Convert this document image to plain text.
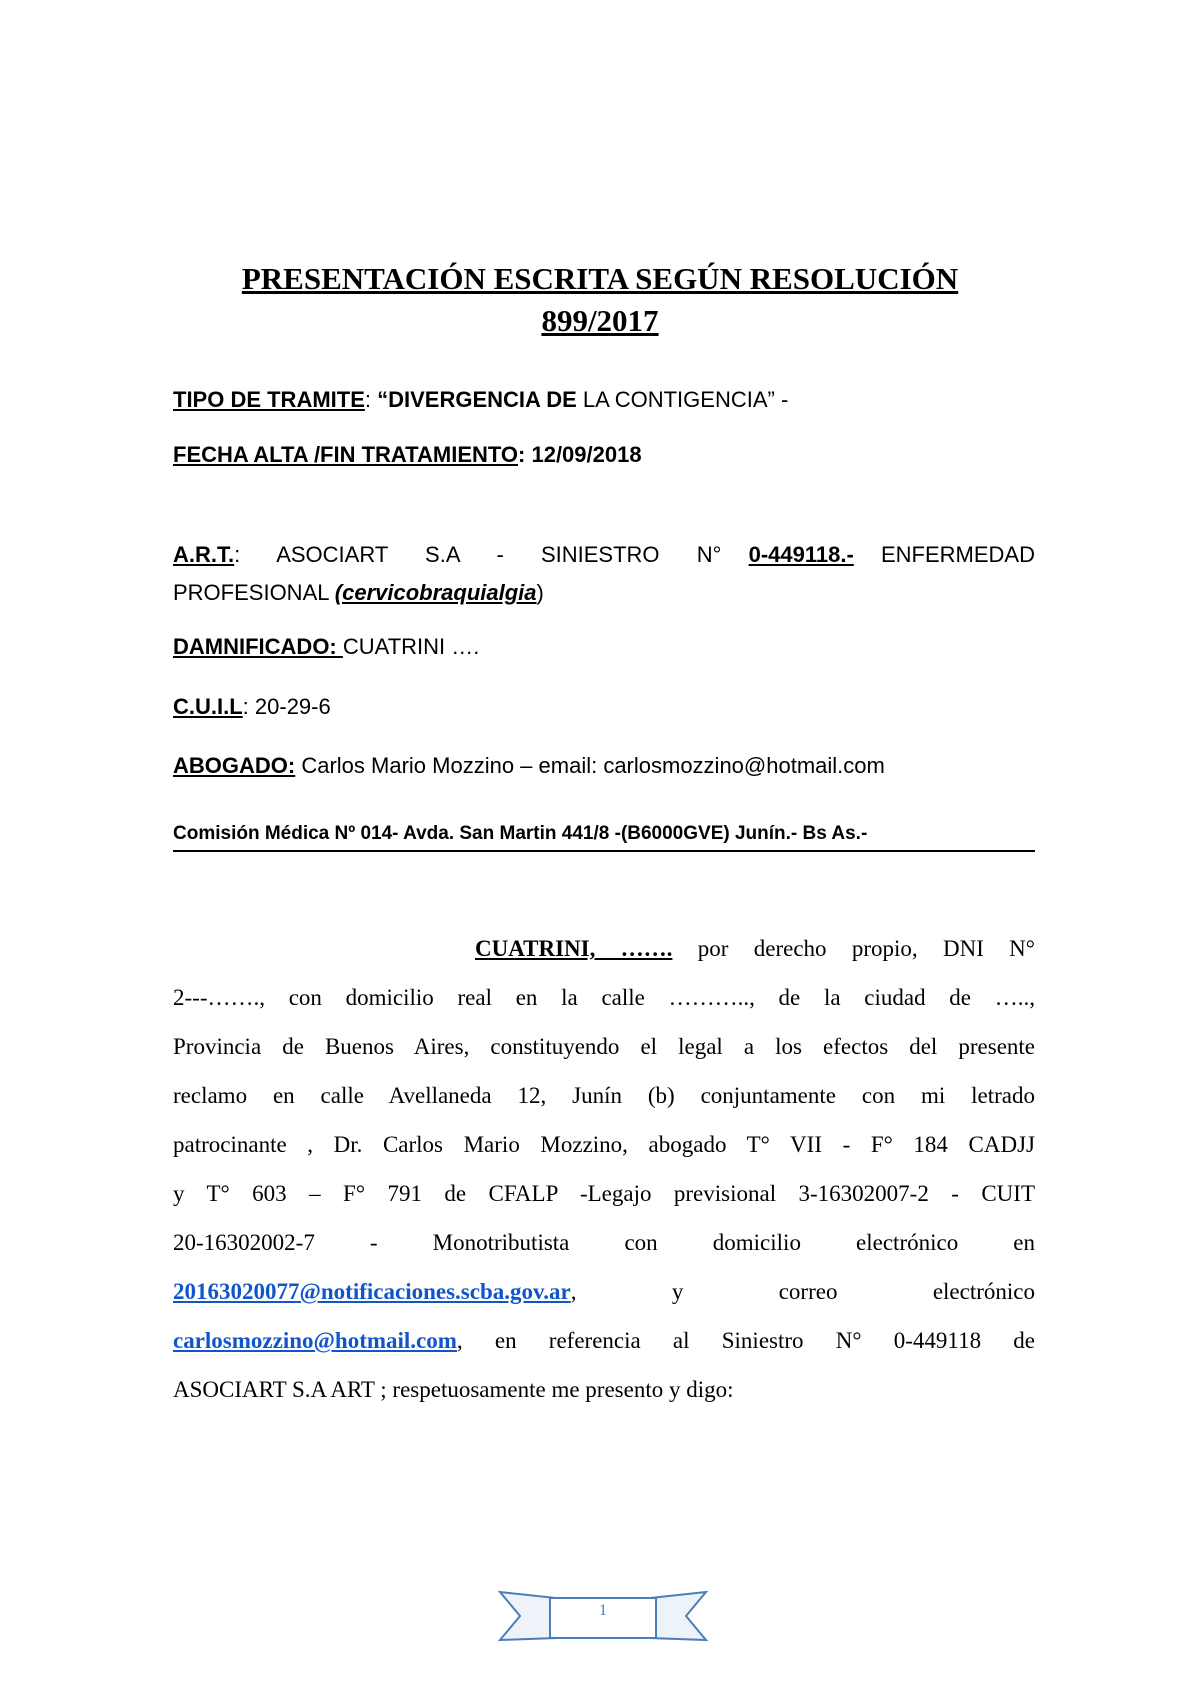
PRESENTACIÓN ESCRITA SEGÚN RESOLUCIÓN
899/2017
TIPO DE TRAMITE: “DIVERGENCIA DE LA CONTIGENCIA” -
FECHA ALTA /FIN TRATAMIENTO: 12/09/2018
A.R.T.: ASOCIART S.A - SINIESTRO N° 0-449118.- ENFERMEDAD
PROFESIONAL (cervicobraquialgia)
DAMNIFICADO: CUATRINI ….
C.U.I.L: 20-29-6
ABOGADO: Carlos Mario Mozzino – email: carlosmozzino@hotmail.com
Comisión Médica Nº 014- Avda. San Martin 441/8 -(B6000GVE) Junín.- Bs As.-
CUATRINI, ……. por derecho propio, DNI N°
2---……., con domicilio real en la calle ……….., de la ciudad de …..,
Provincia de Buenos Aires, constituyendo el legal a los efectos del presente
reclamo en calle Avellaneda 12, Junín (b) conjuntamente con mi letrado
patrocinante , Dr. Carlos Mario Mozzino, abogado T° VII - F° 184 CADJJ
y T° 603 – F° 791 de CFALP -Legajo previsional 3-16302007-2 - CUIT
20-16302002-7 - Monotributista con domicilio electrónico en
20163020077@notificaciones.scba.gov.ar, y correo electrónico
carlosmozzino@hotmail.com, en referencia al Siniestro N° 0-449118 de
ASOCIART S.A ART ; respetuosamente me presento y digo:
1
